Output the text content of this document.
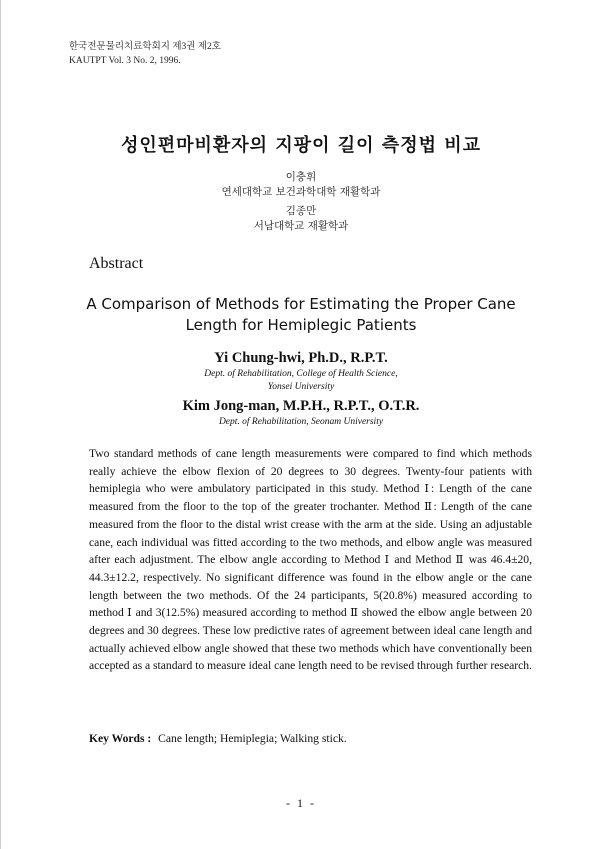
한국전문물리치료학회지 제3권 제2호
KAUTPT Vol. 3 No. 2, 1996.
성인편마비환자의 지팡이 길이 측정법 비교
이충휘
연세대학교 보건과학대학 재활학과
김종만
서남대학교 재활학과
Abstract
A Comparison of Methods for Estimating the Proper Cane
Length for Hemiplegic Patients
Yi Chung-hwi, Ph.D., R.P.T.
Dept. of Rehabilitation, College of Health Science,
Yonsei University
Kim Jong-man, M.P.H., R.P.T., O.T.R.
Dept. of Rehabilitation, Seonam University
Two standard methods of cane length measurements were compared to find which methods really achieve the elbow flexion of 20 degrees to 30 degrees. Twenty-four patients with hemiplegia who were ambulatory participated in this study. Method Ⅰ: Length of the cane measured from the floor to the top of the greater trochanter. Method Ⅱ: Length of the cane measured from the floor to the distal wrist crease with the arm at the side. Using an adjustable cane, each individual was fitted according to the two methods, and elbow angle was measured after each adjustment. The elbow angle according to Method Ⅰ and Method Ⅱ was 46.4±20, 44.3±12.2, respectively. No significant difference was found in the elbow angle or the cane length between the two methods. Of the 24 participants, 5(20.8%) measured according to method Ⅰ and 3(12.5%) measured according to method Ⅱ showed the elbow angle between 20 degrees and 30 degrees. These low predictive rates of agreement between ideal cane length and actually achieved elbow angle showed that these two methods which have conventionally been accepted as a standard to measure ideal cane length need to be revised through further research.
Key Words : Cane length; Hemiplegia; Walking stick.
- 1 -
